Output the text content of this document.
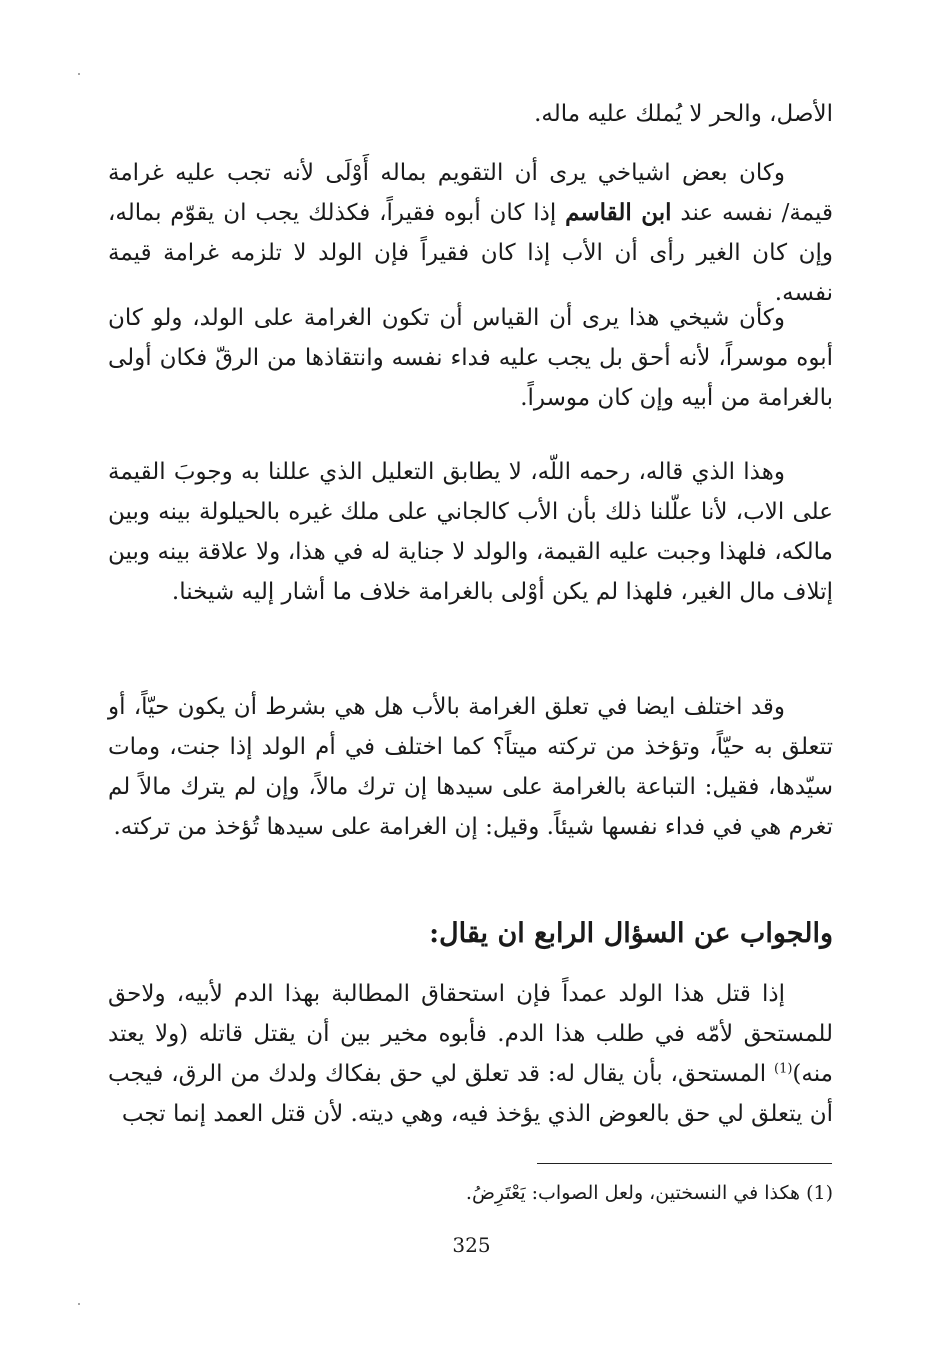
الأصل، والحر لا يُملك عليه ماله.

وكان بعض اشياخي يرى أن التقويم بماله أَوْلَى لأنه تجب عليه غرامة قيمة/ نفسه عند ابن القاسم إذا كان أبوه فقيراً، فكذلك يجب ان يقوّم بماله، وإن كان الغير رأى أن الأب إذا كان فقيراً فإن الولد لا تلزمه غرامة قيمة نفسه.

وكأن شيخي هذا يرى أن القياس أن تكون الغرامة على الولد، ولو كان أبوه موسراً، لأنه أحق بل يجب عليه فداء نفسه وانتقاذها من الرقّ فكان أولى بالغرامة من أبيه وإن كان موسراً.

وهذا الذي قاله، رحمه اللّه، لا يطابق التعليل الذي عللنا به وجوبَ القيمة على الاب، لأنا علّلنا ذلك بأن الأب كالجاني على ملك غيره بالحيلولة بينه وبين مالكه، فلهذا وجبت عليه القيمة، والولد لا جناية له في هذا، ولا علاقة بينه وبين إتلاف مال الغير، فلهذا لم يكن أوْلى بالغرامة خلاف ما أشار إليه شيخنا.

وقد اختلف ايضا في تعلق الغرامة بالأب هل هي بشرط أن يكون حيّاً، أو تتعلق به حيّاً، وتؤخذ من تركته ميتاً؟ كما اختلف في أم الولد إذا جنت، ومات سيّدها، فقيل: التباعة بالغرامة على سيدها إن ترك مالاً، وإن لم يترك مالاً لم تغرم هي في فداء نفسها شيئاً. وقيل: إن الغرامة على سيدها تُؤخذ من تركته.

والجواب عن السؤال الرابع ان يقال:

إذا قتل هذا الولد عمداً فإن استحقاق المطالبة بهذا الدم لأبيه، ولاحق للمستحق لأمّه في طلب هذا الدم. فأبوه مخير بين أن يقتل قاتله (ولا يعتد منه)$^{(1)}$ المستحق، بأن يقال له: قد تعلق لي حق بفكاك ولدك من الرق، فيجب أن يتعلق لي حق بالعوض الذي يؤخذ فيه، وهي ديته. لأن قتل العمد إنما تجب

(1) هكذا في النسختين، ولعل الصواب: يَعْتَرِضُ.
325
